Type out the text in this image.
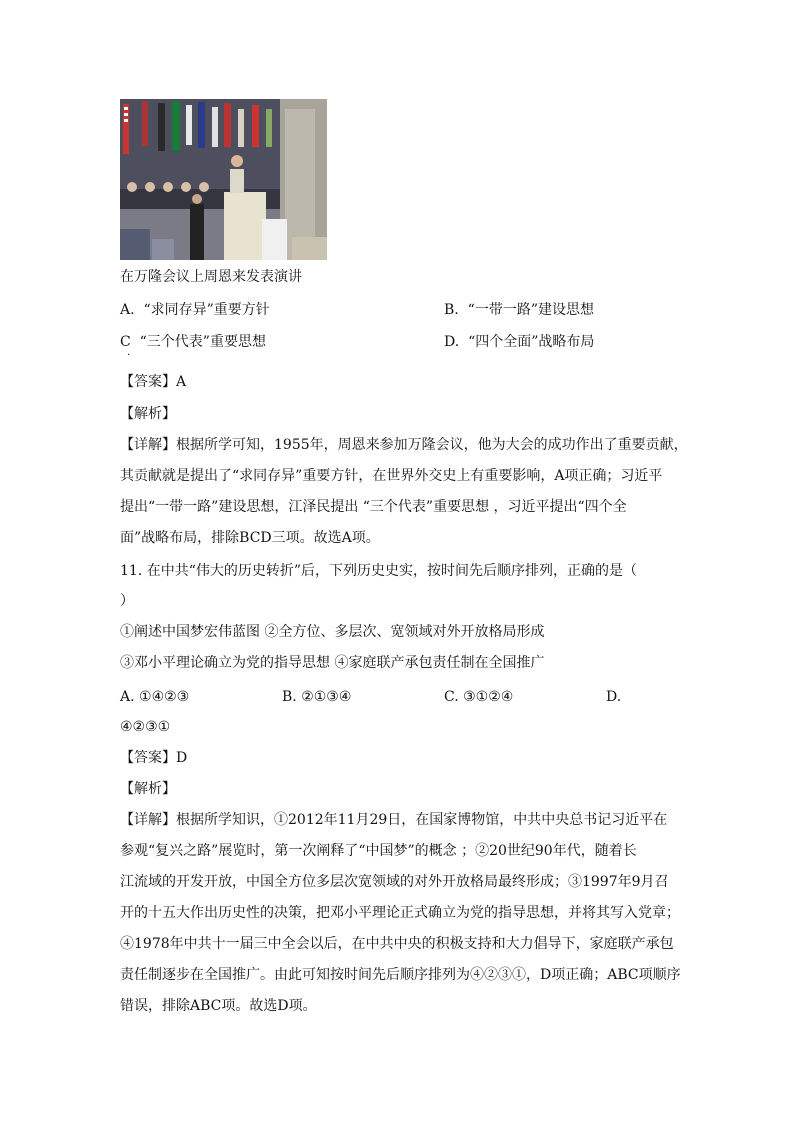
在万隆会议上周恩来发表演讲
A. “求同存异”重要方针	B. “一带一路”建设思想
C “三个代表”重要思想
·
D. “四个全面”战略布局
【答案】A
【解析】
【详解】根据所学可知，1955年，周恩来参加万隆会议，他为大会的成功作出了重要贡献，
其贡献就是提出了“求同存异”重要方针，在世界外交史上有重要影响，A项正确；习近平
提出“一带一路”建设思想，江泽民提出 “三个代表”重要思想 ，习近平提出“四个全
面”战略布局，排除BCD三项。故选A项。
11. 在中共“伟大的历史转折”后，下列历史史实，按时间先后顺序排列，正确的是（
）
①阐述中国梦宏伟蓝图 ②全方位、多层次、宽领域对外开放格局形成
③邓小平理论确立为党的指导思想 ④家庭联产承包责任制在全国推广
A. ①④②③	B. ②①③④	C. ③①②④	D.
④②③①
【答案】D
【解析】
【详解】根据所学知识，①2012年11月29日，在国家博物馆，中共中央总书记习近平在
参观“复兴之路”展览时，第一次阐释了“中国梦”的概念 ；②20世纪90年代，随着长
江流域的开发开放，中国全方位多层次宽领域的对外开放格局最终形成；③1997年9月召
开的十五大作出历史性的决策，把邓小平理论正式确立为党的指导思想，并将其写入党章；
④1978年中共十一届三中全会以后，在中共中央的积极支持和大力倡导下，家庭联产承包
责任制逐步在全国推广。由此可知按时间先后顺序排列为④②③①，D项正确；ABC项顺序
错误，排除ABC项。故选D项。
